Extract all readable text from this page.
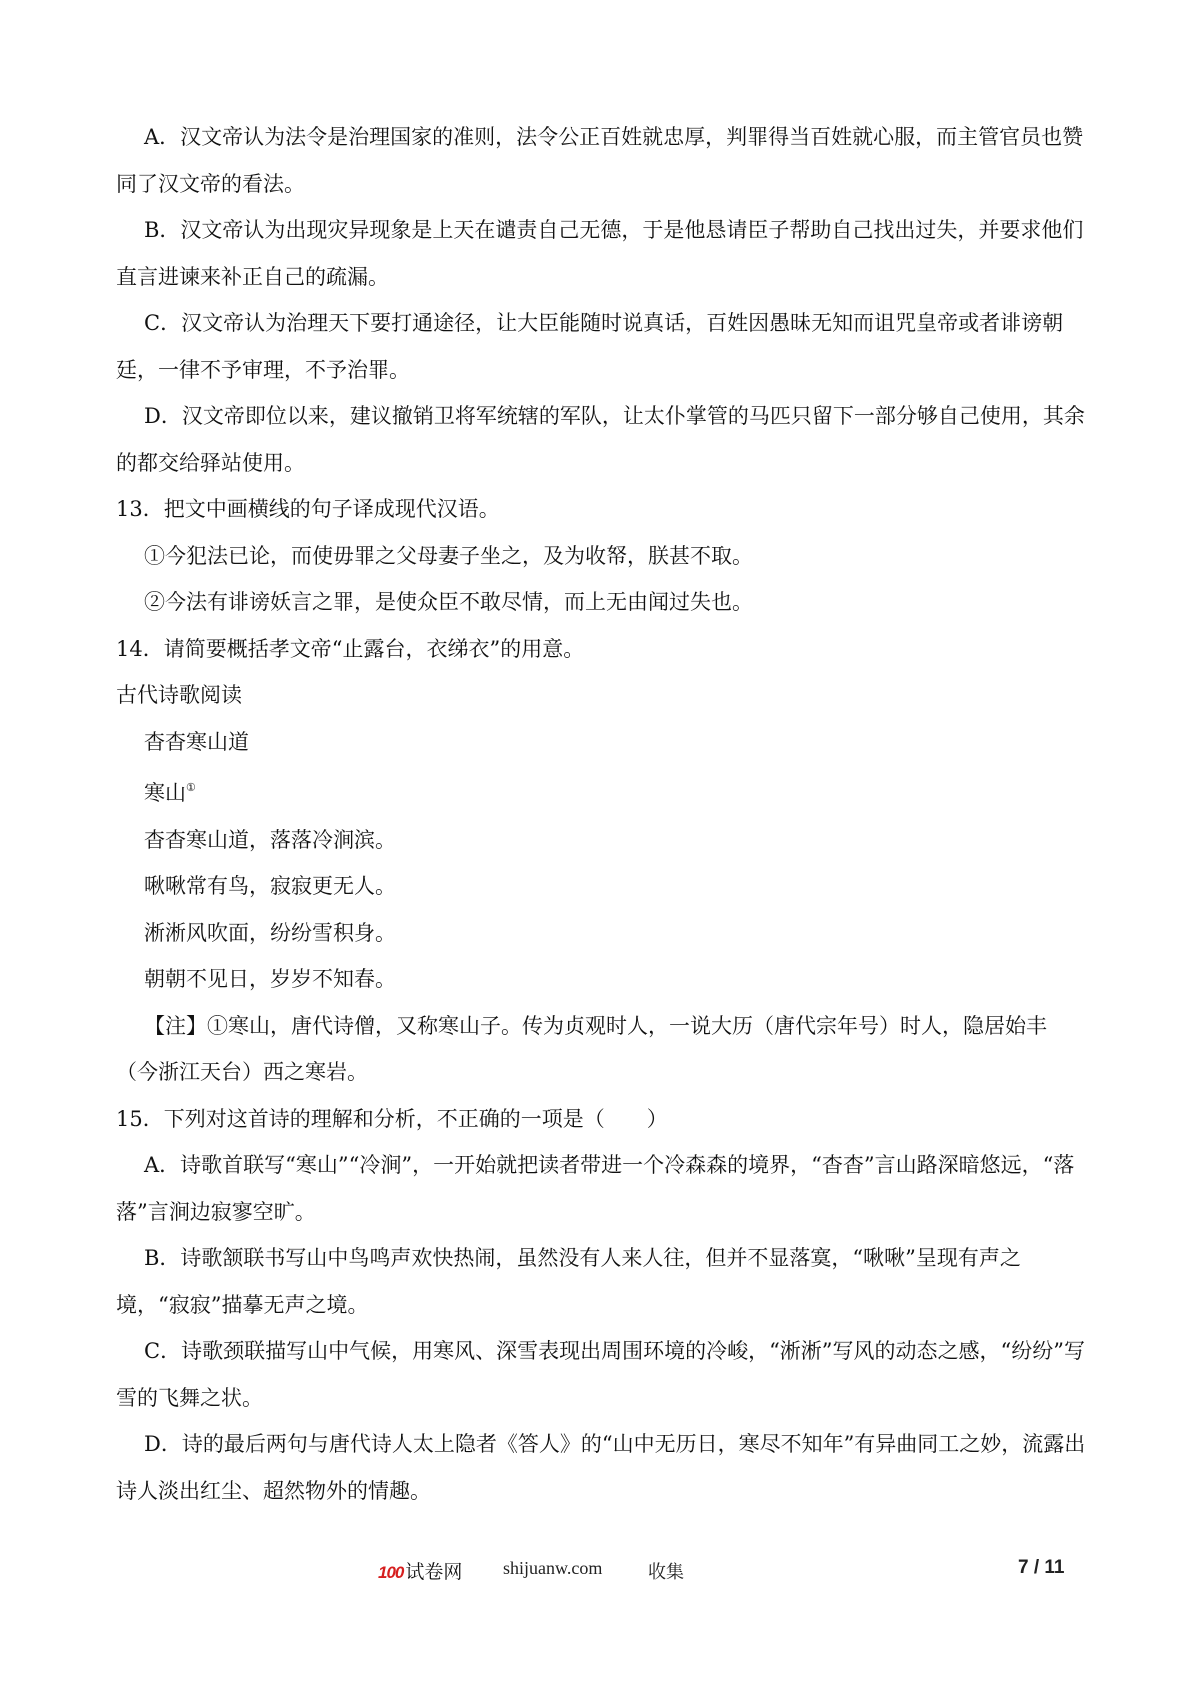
A．汉文帝认为法令是治理国家的准则，法令公正百姓就忠厚，判罪得当百姓就心服，而主管官员也赞同了汉文帝的看法。

B．汉文帝认为出现灾异现象是上天在谴责自己无德，于是他恳请臣子帮助自己找出过失，并要求他们直言进谏来补正自己的疏漏。

C．汉文帝认为治理天下要打通途径，让大臣能随时说真话，百姓因愚昧无知而诅咒皇帝或者诽谤朝廷，一律不予审理，不予治罪。

D．汉文帝即位以来，建议撤销卫将军统辖的军队，让太仆掌管的马匹只留下一部分够自己使用，其余的都交给驿站使用。

13．把文中画横线的句子译成现代汉语。

①今犯法已论，而使毋罪之父母妻子坐之，及为收帑，朕甚不取。

②今法有诽谤妖言之罪，是使众臣不敢尽情，而上无由闻过失也。

14．请简要概括孝文帝“止露台，衣绨衣”的用意。

古代诗歌阅读

杳杳寒山道

寒山①

杳杳寒山道，落落冷涧滨。

啾啾常有鸟，寂寂更无人。

淅淅风吹面，纷纷雪积身。

朝朝不见日，岁岁不知春。

【注】①寒山，唐代诗僧，又称寒山子。传为贞观时人，一说大历（唐代宗年号）时人，隐居始丰（今浙江天台）西之寒岩。

15．下列对这首诗的理解和分析，不正确的一项是（　　）

A．诗歌首联写“寒山”“冷涧”，一开始就把读者带进一个冷森森的境界，“杳杳”言山路深暗悠远，“落落”言涧边寂寥空旷。

B．诗歌颔联书写山中鸟鸣声欢快热闹，虽然没有人来人往，但并不显落寞，“啾啾”呈现有声之境，“寂寂”描摹无声之境。

C．诗歌颈联描写山中气候，用寒风、深雪表现出周围环境的冷峻，“淅淅”写风的动态之感，“纷纷”写雪的飞舞之状。

D．诗的最后两句与唐代诗人太上隐者《答人》的“山中无历日，寒尽不知年”有异曲同工之妙，流露出诗人淡出红尘、超然物外的情趣。

100 试卷网 shijuanw.com	收集	7 / 11
